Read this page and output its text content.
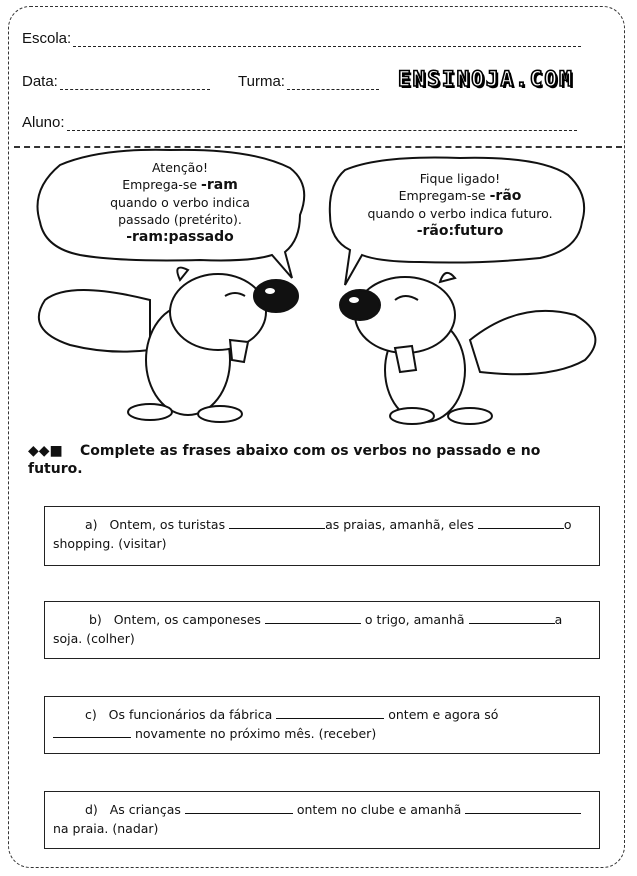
Escola:
Data:	Turma:	ENSINOJA.COM
Aluno:
Atenção!
Emprega-se -ram
quando o verbo indica
passado (pretérito).
-ram:passado
Fique ligado!
Empregam-se -rão
quando o verbo indica futuro.
-rão:futuro
◆◆■ Complete as frases abaixo com os verbos no passado e no futuro.
a) Ontem, os turistas	as praias, amanhã, eles	o
shopping. (visitar)
b) Ontem, os camponeses	o trigo, amanhã	a
soja. (colher)
c) Os funcionários da fábrica	ontem e agora só
novamente no próximo mês. (receber)
d) As crianças	ontem no clube e amanhã
na praia. (nadar)
